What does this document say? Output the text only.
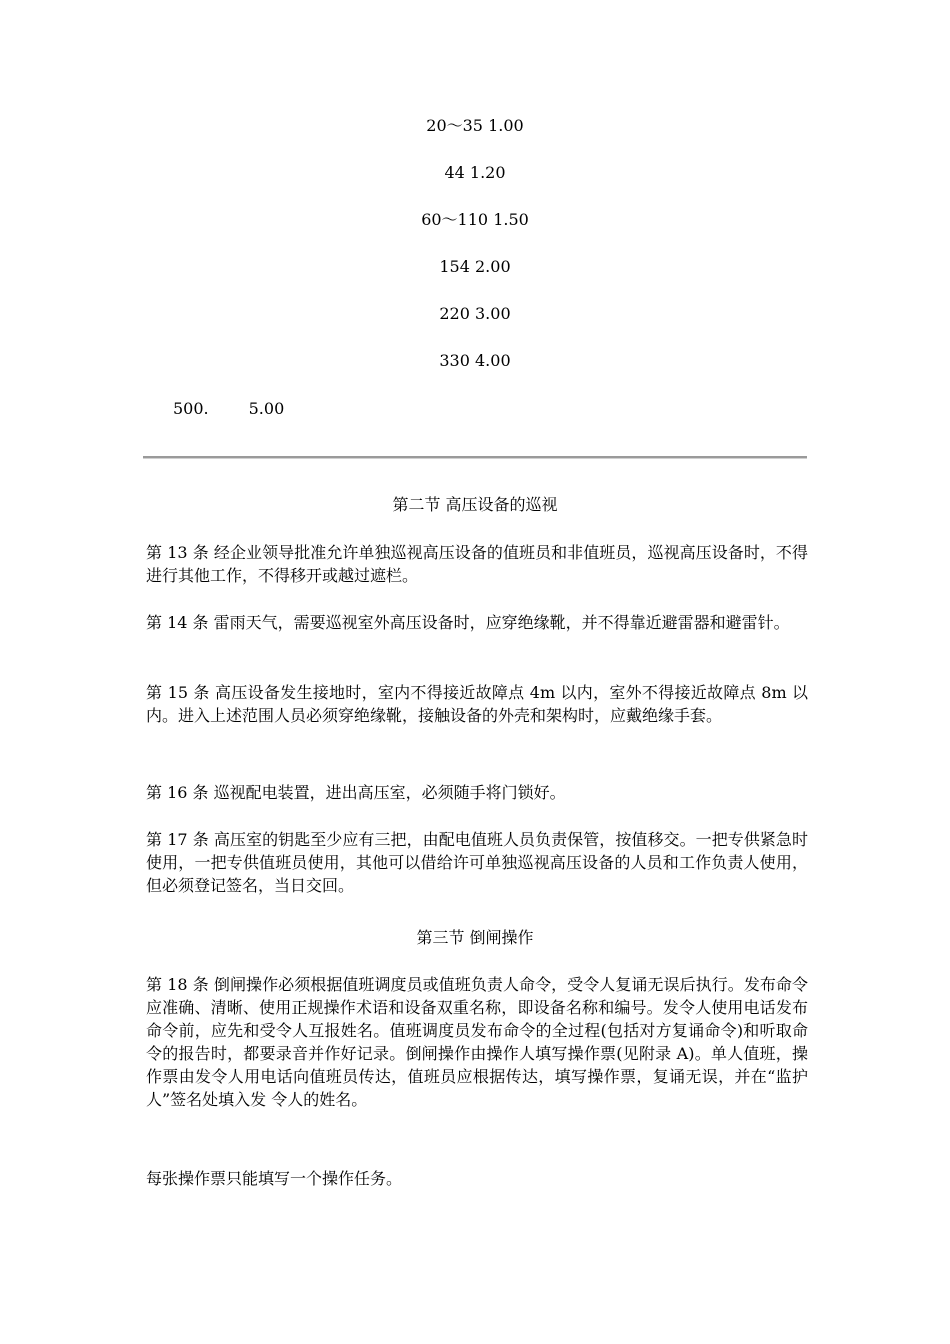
20～35 1.00
44 1.20
60～110 1.50
154 2.00
220 3.00
330 4.00
500.	5.00
第二节 高压设备的巡视
第 13 条 经企业领导批准允许单独巡视高压设备的值班员和非值班员，巡视高压设备时，不得进行其他工作，不得移开或越过遮栏。
第 14 条 雷雨天气，需要巡视室外高压设备时，应穿绝缘靴，并不得靠近避雷器和避雷针。
第 15 条 高压设备发生接地时，室内不得接近故障点 4m 以内，室外不得接近故障点 8m 以内。进入上述范围人员必须穿绝缘靴，接触设备的外壳和架构时，应戴绝缘手套。
第 16 条 巡视配电装置，进出高压室，必须随手将门锁好。
第 17 条 高压室的钥匙至少应有三把，由配电值班人员负责保管，按值移交。一把专供紧急时使用，一把专供值班员使用，其他可以借给许可单独巡视高压设备的人员和工作负责人使用，但必须登记签名，当日交回。
第三节 倒闸操作
第 18 条 倒闸操作必须根据值班调度员或值班负责人命令，受令人复诵无误后执行。发布命令应准确、清晰、使用正规操作术语和设备双重名称，即设备名称和编号。发令人使用电话发布命令前，应先和受令人互报姓名。值班调度员发布命令的全过程(包括对方复诵命令)和听取命令的报告时，都要录音并作好记录。倒闸操作由操作人填写操作票(见附录 A)。单人值班，操作票由发令人用电话向值班员传达，值班员应根据传达，填写操作票，复诵无误，并在“监护人”签名处填入发 令人的姓名。
每张操作票只能填写一个操作任务。
